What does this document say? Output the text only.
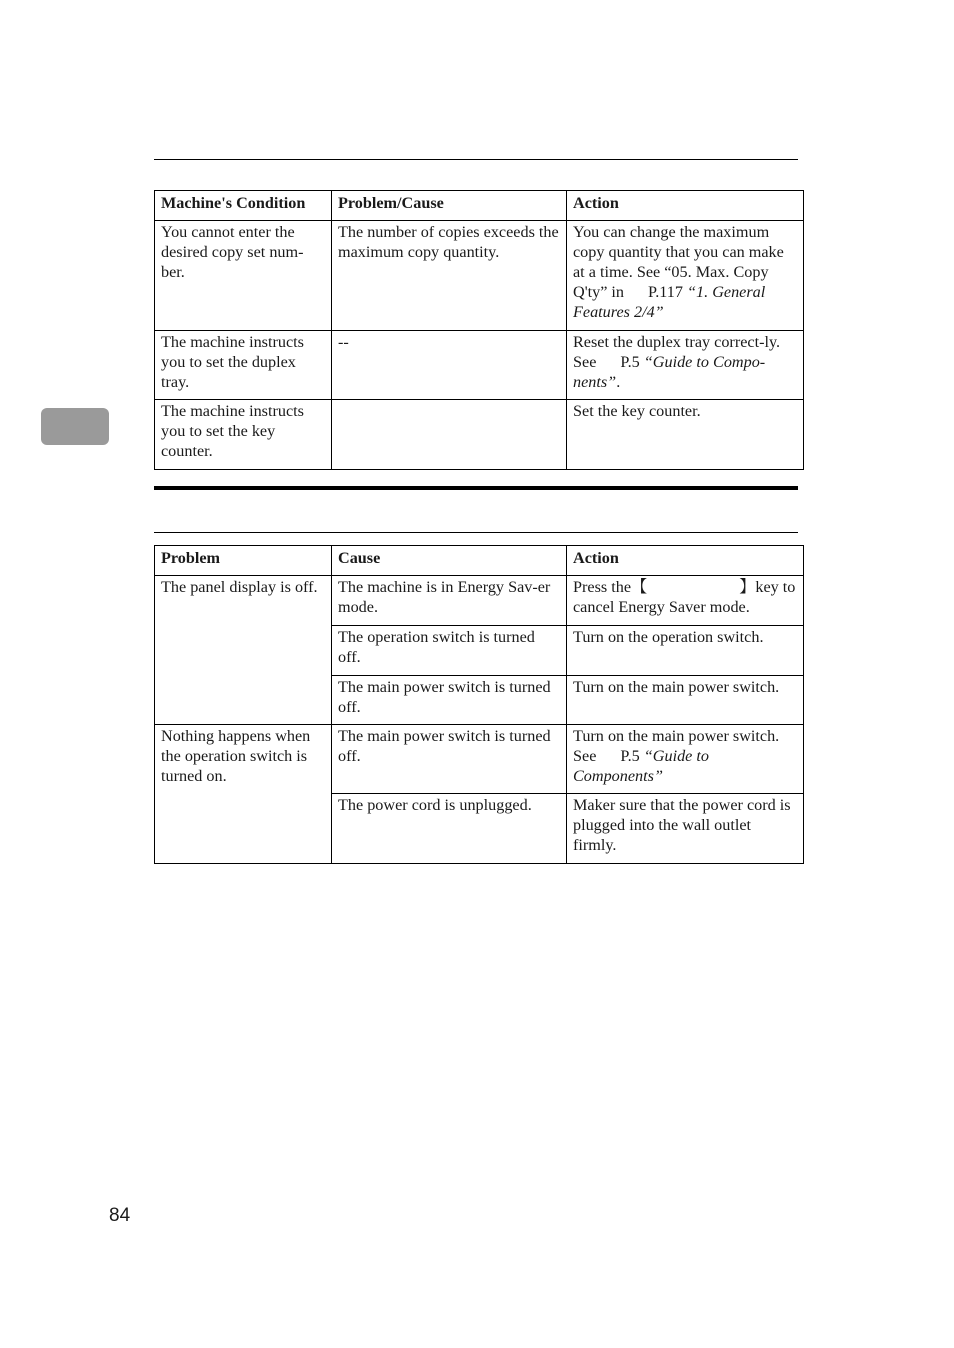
Machine's Condition	Problem/Cause	Action
You cannot enter the desired copy set num-ber.	The number of copies exceeds the maximum copy quantity.	You can change the maximum copy quantity that you can make at a time. See “05. Max. Copy Q'ty” in P.117 “1. General Features 2/4”
The machine instructs you to set the duplex tray.	--	Reset the duplex tray correct-ly. See P.5 “Guide to Compo-nents”.
The machine instructs you to set the key counter.		Set the key counter.
Problem	Cause	Action
The panel display is off.	The machine is in Energy Sav-er mode.	Press the【 】key to cancel Energy Saver mode.
	The operation switch is turned off.	Turn on the operation switch.
	The main power switch is turned off.	Turn on the main power switch.
Nothing happens when the operation switch is turned on.	The main power switch is turned off.	Turn on the main power switch. See P.5 “Guide to Components”
	The power cord is unplugged.	Maker sure that the power cord is plugged into the wall outlet firmly.
84
